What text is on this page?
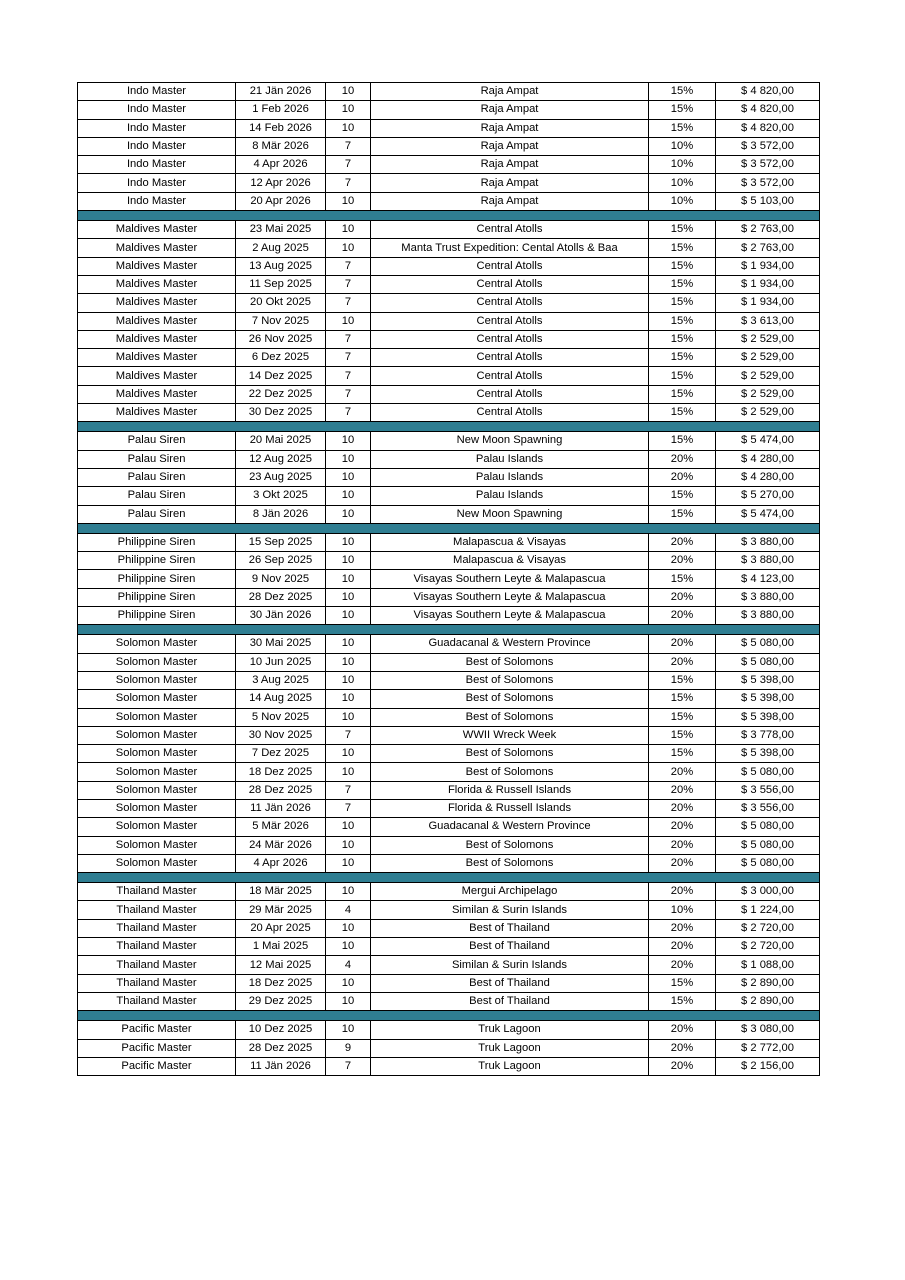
Indo Master	21 Jän 2026	10	Raja Ampat	15%	$ 4 820,00
Indo Master	1 Feb 2026	10	Raja Ampat	15%	$ 4 820,00
Indo Master	14 Feb 2026	10	Raja Ampat	15%	$ 4 820,00
Indo Master	8 Mär 2026	7	Raja Ampat	10%	$ 3 572,00
Indo Master	4 Apr 2026	7	Raja Ampat	10%	$ 3 572,00
Indo Master	12 Apr 2026	7	Raja Ampat	10%	$ 3 572,00
Indo Master	20 Apr 2026	10	Raja Ampat	10%	$ 5 103,00

Maldives Master	23 Mai 2025	10	Central Atolls	15%	$ 2 763,00
Maldives Master	2 Aug 2025	10	Manta Trust Expedition: Cental Atolls & Baa	15%	$ 2 763,00
Maldives Master	13 Aug 2025	7	Central Atolls	15%	$ 1 934,00
Maldives Master	11 Sep 2025	7	Central Atolls	15%	$ 1 934,00
Maldives Master	20 Okt 2025	7	Central Atolls	15%	$ 1 934,00
Maldives Master	7 Nov 2025	10	Central Atolls	15%	$ 3 613,00
Maldives Master	26 Nov 2025	7	Central Atolls	15%	$ 2 529,00
Maldives Master	6 Dez 2025	7	Central Atolls	15%	$ 2 529,00
Maldives Master	14 Dez 2025	7	Central Atolls	15%	$ 2 529,00
Maldives Master	22 Dez 2025	7	Central Atolls	15%	$ 2 529,00
Maldives Master	30 Dez 2025	7	Central Atolls	15%	$ 2 529,00

Palau Siren	20 Mai 2025	10	New Moon Spawning	15%	$ 5 474,00
Palau Siren	12 Aug 2025	10	Palau Islands	20%	$ 4 280,00
Palau Siren	23 Aug 2025	10	Palau Islands	20%	$ 4 280,00
Palau Siren	3 Okt 2025	10	Palau Islands	15%	$ 5 270,00
Palau Siren	8 Jän 2026	10	New Moon Spawning	15%	$ 5 474,00

Philippine Siren	15 Sep 2025	10	Malapascua & Visayas	20%	$ 3 880,00
Philippine Siren	26 Sep 2025	10	Malapascua & Visayas	20%	$ 3 880,00
Philippine Siren	9 Nov 2025	10	Visayas Southern Leyte & Malapascua	15%	$ 4 123,00
Philippine Siren	28 Dez 2025	10	Visayas Southern Leyte & Malapascua	20%	$ 3 880,00
Philippine Siren	30 Jän 2026	10	Visayas Southern Leyte & Malapascua	20%	$ 3 880,00

Solomon Master	30 Mai 2025	10	Guadacanal & Western Province	20%	$ 5 080,00
Solomon Master	10 Jun 2025	10	Best of Solomons	20%	$ 5 080,00
Solomon Master	3 Aug 2025	10	Best of Solomons	15%	$ 5 398,00
Solomon Master	14 Aug 2025	10	Best of Solomons	15%	$ 5 398,00
Solomon Master	5 Nov 2025	10	Best of Solomons	15%	$ 5 398,00
Solomon Master	30 Nov 2025	7	WWII Wreck Week	15%	$ 3 778,00
Solomon Master	7 Dez 2025	10	Best of Solomons	15%	$ 5 398,00
Solomon Master	18 Dez 2025	10	Best of Solomons	20%	$ 5 080,00
Solomon Master	28 Dez 2025	7	Florida & Russell Islands	20%	$ 3 556,00
Solomon Master	11 Jän 2026	7	Florida & Russell Islands	20%	$ 3 556,00
Solomon Master	5 Mär 2026	10	Guadacanal & Western Province	20%	$ 5 080,00
Solomon Master	24 Mär 2026	10	Best of Solomons	20%	$ 5 080,00
Solomon Master	4 Apr 2026	10	Best of Solomons	20%	$ 5 080,00

Thailand Master	18 Mär 2025	10	Mergui Archipelago	20%	$ 3 000,00
Thailand Master	29 Mär 2025	4	Similan & Surin Islands	10%	$ 1 224,00
Thailand Master	20 Apr 2025	10	Best of Thailand	20%	$ 2 720,00
Thailand Master	1 Mai 2025	10	Best of Thailand	20%	$ 2 720,00
Thailand Master	12 Mai 2025	4	Similan & Surin Islands	20%	$ 1 088,00
Thailand Master	18 Dez 2025	10	Best of Thailand	15%	$ 2 890,00
Thailand Master	29 Dez 2025	10	Best of Thailand	15%	$ 2 890,00

Pacific Master	10 Dez 2025	10	Truk Lagoon	20%	$ 3 080,00
Pacific Master	28 Dez 2025	9	Truk Lagoon	20%	$ 2 772,00
Pacific Master	11 Jän 2026	7	Truk Lagoon	20%	$ 2 156,00
